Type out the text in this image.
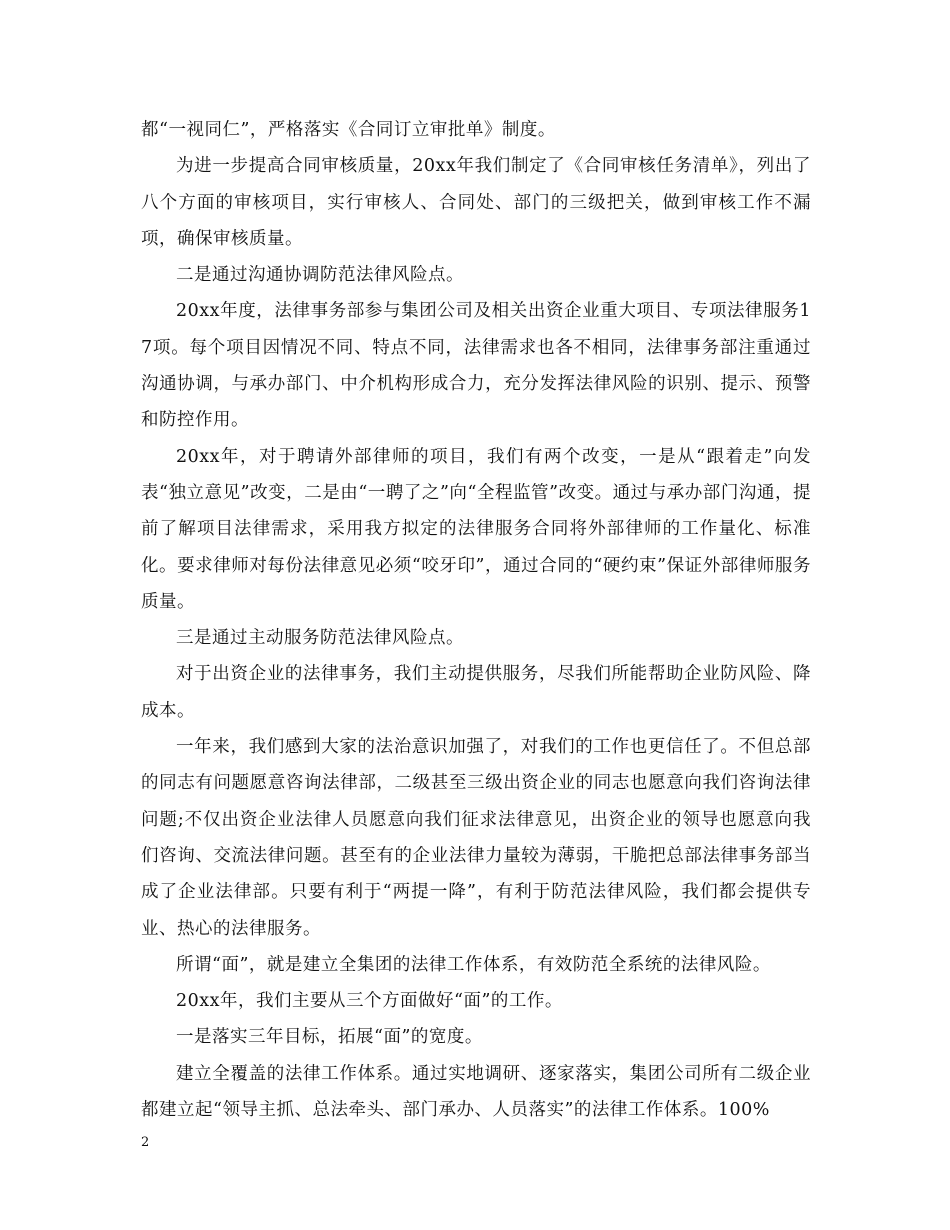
都“一视同仁”，严格落实《合同订立审批单》制度。

为进一步提高合同审核质量，20xx年我们制定了《合同审核任务清单》，列出了八个方面的审核项目，实行审核人、合同处、部门的三级把关，做到审核工作不漏项，确保审核质量。

二是通过沟通协调防范法律风险点。

20xx年度，法律事务部参与集团公司及相关出资企业重大项目、专项法律服务17项。每个项目因情况不同、特点不同，法律需求也各不相同，法律事务部注重通过沟通协调，与承办部门、中介机构形成合力，充分发挥法律风险的识别、提示、预警和防控作用。

20xx年，对于聘请外部律师的项目，我们有两个改变，一是从“跟着走”向发表“独立意见”改变，二是由“一聘了之”向“全程监管”改变。通过与承办部门沟通，提前了解项目法律需求，采用我方拟定的法律服务合同将外部律师的工作量化、标准化。要求律师对每份法律意见必须“咬牙印”，通过合同的“硬约束”保证外部律师服务质量。

三是通过主动服务防范法律风险点。

对于出资企业的法律事务，我们主动提供服务，尽我们所能帮助企业防风险、降成本。

一年来，我们感到大家的法治意识加强了，对我们的工作也更信任了。不但总部的同志有问题愿意咨询法律部，二级甚至三级出资企业的同志也愿意向我们咨询法律问题;不仅出资企业法律人员愿意向我们征求法律意见，出资企业的领导也愿意向我们咨询、交流法律问题。甚至有的企业法律力量较为薄弱，干脆把总部法律事务部当成了企业法律部。只要有利于“两提一降”，有利于防范法律风险，我们都会提供专业、热心的法律服务。

所谓“面”，就是建立全集团的法律工作体系，有效防范全系统的法律风险。

20xx年，我们主要从三个方面做好“面”的工作。

一是落实三年目标，拓展“面”的宽度。

建立全覆盖的法律工作体系。通过实地调研、逐家落实，集团公司所有二级企业都建立起“领导主抓、总法牵头、部门承办、人员落实”的法律工作体系。100%

2
